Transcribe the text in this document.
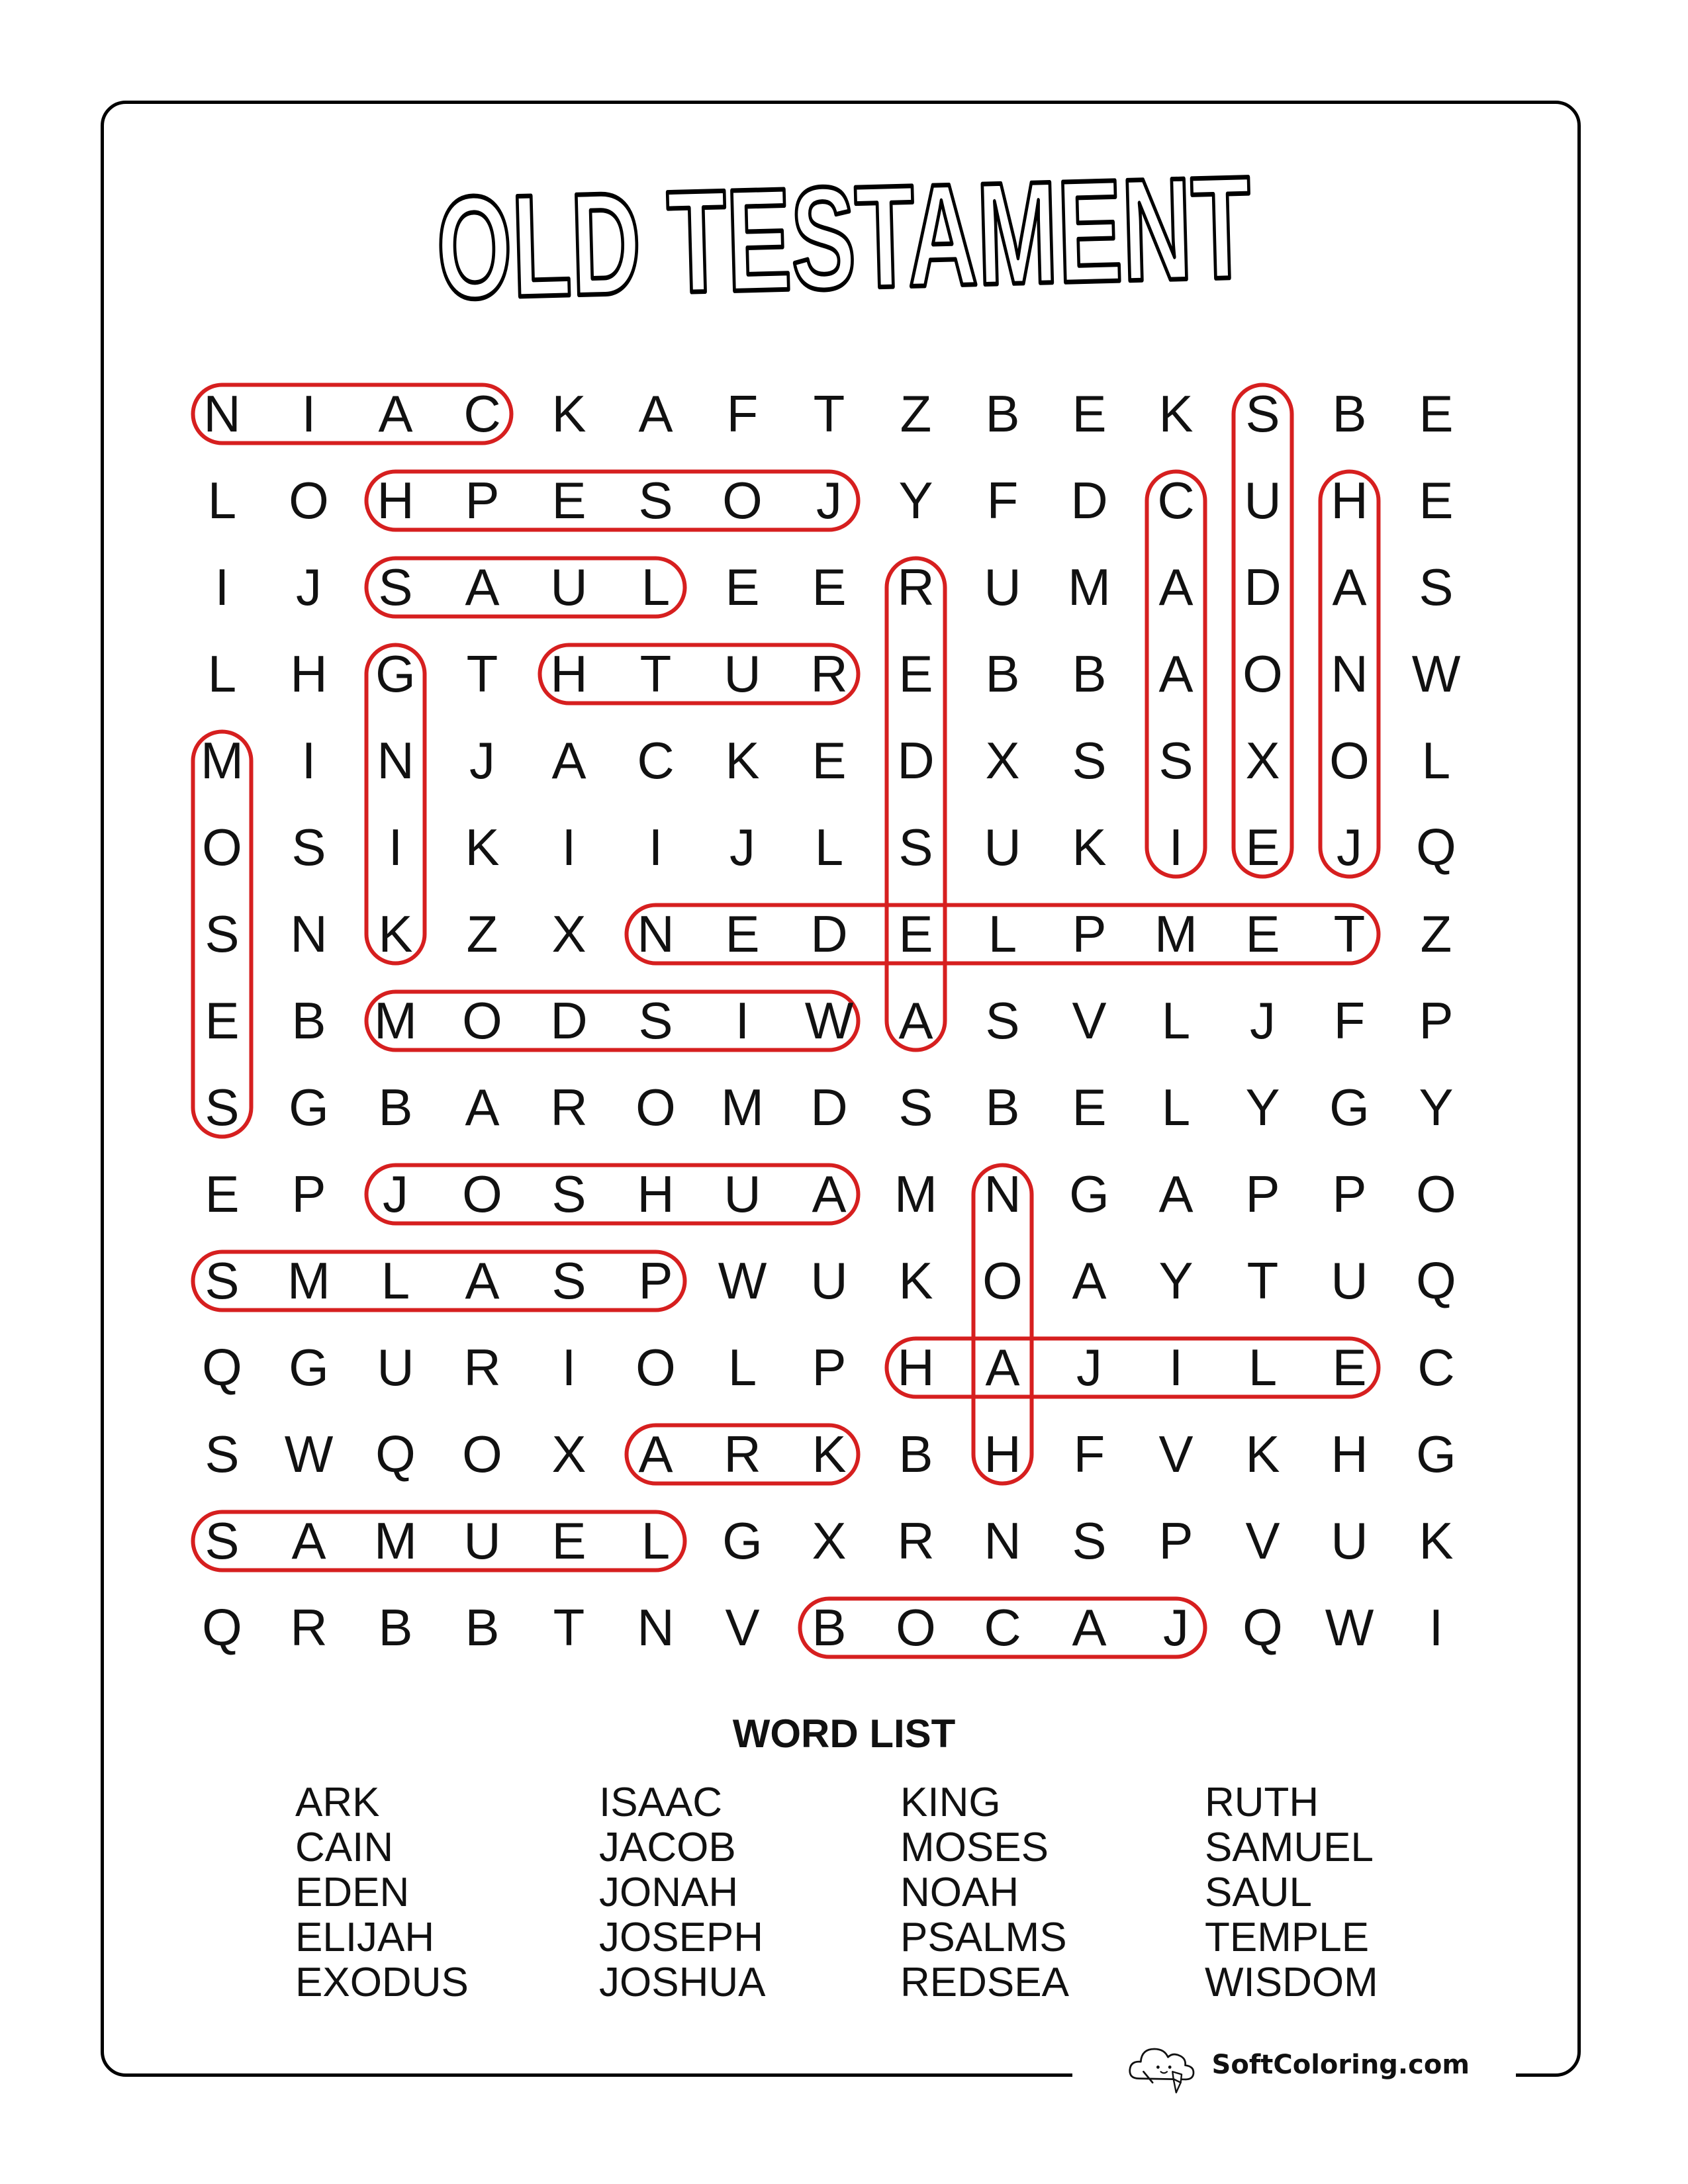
OLD TESTAMENT
N	I	A C K	A	F	T	Z	B	E	K	S	B	E
L	O H P	E	S O	J	Y	F	D C U H E
I	J	S	A U	L	E	E R U M A D A	S
L	H G T	H	T	U R E	B	B	A O N W
M	I	N	J	A C K	E D X	S	S	X O	L
O S	I	K	I	I	J	L	S U K	I	E	J	Q
S N K	Z	X N E D E	L	P M E	T	Z
E	B M O D S	I	W A	S	V	L	J	F	P
S G B	A R O M D S	B	E	L	Y G Y
E	P	J	O S H U A M N G A	P	P O
S M L	A	S	P W U K O A	Y	T	U Q
Q G U R	I	O	L	P H A	J	I	L	E C
S W Q O X	A R K	B H	F	V	K H G
S	A M U E	L	G X R N S	P	V U K
Q R B	B	T	N V	B O C A	J	Q W	I
WORD LIST
ARK
CAIN
EDEN
ELIJAH
EXODUS
ISAAC
JACOB
JONAH
JOSEPH
JOSHUA
KING
MOSES
NOAH
PSALMS
REDSEA
RUTH
SAMUEL
SAUL
TEMPLE
WISDOM
SoftColoring.com
